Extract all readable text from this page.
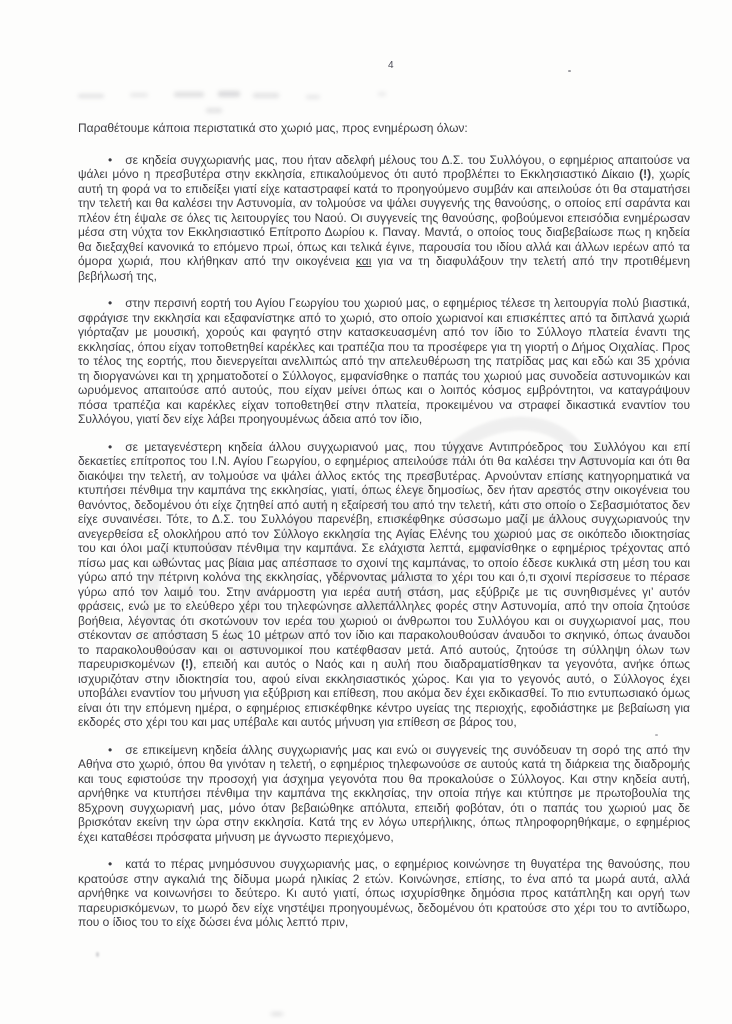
4

Παραθέτουμε κάποια περιστατικά στο χωριό μας, προς ενημέρωση όλων:

• σε κηδεία συγχωριανής μας, που ήταν αδελφή μέλους του Δ.Σ. του Συλλόγου, ο εφημέριος απαιτούσε να ψάλει μόνο η πρεσβυτέρα στην εκκλησία, επικαλούμενος ότι αυτό προβλέπει το Εκκλησιαστικό Δίκαιο (!), χωρίς αυτή τη φορά να το επιδείξει γιατί είχε καταστραφεί κατά το προηγούμενο συμβάν και απειλούσε ότι θα σταματήσει την τελετή και θα καλέσει την Αστυνομία, αν τολμούσε να ψάλει συγγενής της θανούσης, ο οποίος επί σαράντα και πλέον έτη έψαλε σε όλες τις λειτουργίες του Ναού. Οι συγγενείς της θανούσης, φοβούμενοι επεισόδια ενημέρωσαν μέσα στη νύχτα τον Εκκλησιαστικό Επίτροπο Δωρίου κ. Παναγ. Μαντά, ο οποίος τους διαβεβαίωσε πως η κηδεία θα διεξαχθεί κανονικά το επόμενο πρωί, όπως και τελικά έγινε, παρουσία του ιδίου αλλά και άλλων ιερέων από τα όμορα χωριά, που κλήθηκαν από την οικογένεια και για να τη διαφυλάξουν την τελετή από την προτιθέμενη βεβήλωσή της,

• στην περσινή εορτή του Αγίου Γεωργίου του χωριού μας, ο εφημέριος τέλεσε τη λειτουργία πολύ βιαστικά, σφράγισε την εκκλησία και εξαφανίστηκε από το χωριό, στο οποίο χωριανοί και επισκέπτες από τα διπλανά χωριά γιόρταζαν με μουσική, χορούς και φαγητό στην κατασκευασμένη από τον ίδιο το Σύλλογο πλατεία έναντι της εκκλησίας, όπου είχαν τοποθετηθεί καρέκλες και τραπέζια που τα προσέφερε για τη γιορτή ο Δήμος Οιχαλίας. Προς το τέλος της εορτής, που διενεργείται ανελλιπώς από την απελευθέρωση της πατρίδας μας και εδώ και 35 χρόνια τη διοργανώνει και τη χρηματοδοτεί ο Σύλλογος, εμφανίσθηκε ο παπάς του χωριού μας συνοδεία αστυνομικών και ωρυόμενος απαιτούσε από αυτούς, που είχαν μείνει όπως και ο λοιπός κόσμος εμβρόντητοι, να καταγράψουν πόσα τραπέζια και καρέκλες είχαν τοποθετηθεί στην πλατεία, προκειμένου να στραφεί δικαστικά εναντίον του Συλλόγου, γιατί δεν είχε λάβει προηγουμένως άδεια από τον ίδιο,

• σε μεταγενέστερη κηδεία άλλου συγχωριανού μας, που τύγχανε Αντιπρόεδρος του Συλλόγου και επί δεκαετίες επίτροπος του Ι.Ν. Αγίου Γεωργίου, ο εφημέριος απειλούσε πάλι ότι θα καλέσει την Αστυνομία και ότι θα διακόψει την τελετή, αν τολμούσε να ψάλει άλλος εκτός της πρεσβυτέρας. Αρνούνταν επίσης κατηγορηματικά να κτυπήσει πένθιμα την καμπάνα της εκκλησίας, γιατί, όπως έλεγε δημοσίως, δεν ήταν αρεστός στην οικογένεια του θανόντος, δεδομένου ότι είχε ζητηθεί από αυτή η εξαίρεσή του από την τελετή, κάτι στο οποίο ο Σεβασμιότατος δεν είχε συναινέσει. Τότε, το Δ.Σ. του Συλλόγου παρενέβη, επισκέφθηκε σύσσωμο μαζί με άλλους συγχωριανούς την ανεγερθείσα εξ ολοκλήρου από τον Σύλλογο εκκλησία της Αγίας Ελένης του χωριού μας σε οικόπεδο ιδιοκτησίας του και όλοι μαζί κτυπούσαν πένθιμα την καμπάνα. Σε ελάχιστα λεπτά, εμφανίσθηκε ο εφημέριος τρέχοντας από πίσω μας και ωθώντας μας βίαια μας απέσπασε το σχοινί της καμπάνας, το οποίο έδεσε κυκλικά στη μέση του και γύρω από την πέτρινη κολόνα της εκκλησίας, γδέρνοντας μάλιστα το χέρι του και ό,τι σχοινί περίσσευε το πέρασε γύρω από τον λαιμό του. Στην ανάρμοστη για ιερέα αυτή στάση, μας εξύβριζε με τις συνηθισμένες γι’ αυτόν φράσεις, ενώ με το ελεύθερο χέρι του τηλεφώνησε αλλεπάλληλες φορές στην Αστυνομία, από την οποία ζητούσε βοήθεια, λέγοντας ότι σκοτώνουν τον ιερέα του χωριού οι άνθρωποι του Συλλόγου και οι συγχωριανοί μας, που στέκονταν σε απόσταση 5 έως 10 μέτρων από τον ίδιο και παρακολουθούσαν άναυδοι το σκηνικό, όπως άναυδοι το παρακολουθούσαν και οι αστυνομικοί που κατέφθασαν μετά. Από αυτούς, ζητούσε τη σύλληψη όλων των παρευρισκομένων (!), επειδή και αυτός ο Ναός και η αυλή που διαδραματίσθηκαν τα γεγονότα, ανήκε όπως ισχυριζόταν στην ιδιοκτησία του, αφού είναι εκκλησιαστικός χώρος. Και για το γεγονός αυτό, ο Σύλλογος έχει υποβάλει εναντίον του μήνυση για εξύβριση και επίθεση, που ακόμα δεν έχει εκδικασθεί. Το πιο εντυπωσιακό όμως είναι ότι την επόμενη ημέρα, ο εφημέριος επισκέφθηκε κέντρο υγείας της περιοχής, εφοδιάστηκε με βεβαίωση για εκδορές στο χέρι του και μας υπέβαλε και αυτός μήνυση για επίθεση σε βάρος του,

• σε επικείμενη κηδεία άλλης συγχωριανής μας και ενώ οι συγγενείς της συνόδευαν τη σορό της από την Αθήνα στο χωριό, όπου θα γινόταν η τελετή, ο εφημέριος τηλεφωνούσε σε αυτούς κατά τη διάρκεια της διαδρομής και τους εφιστούσε την προσοχή για άσχημα γεγονότα που θα προκαλούσε ο Σύλλογος. Και στην κηδεία αυτή, αρνήθηκε να κτυπήσει πένθιμα την καμπάνα της εκκλησίας, την οποία πήγε και κτύπησε με πρωτοβουλία της 85χρονη συγχωριανή μας, μόνο όταν βεβαιώθηκε απόλυτα, επειδή φοβόταν, ότι ο παπάς του χωριού μας δε βρισκόταν εκείνη την ώρα στην εκκλησία. Κατά της εν λόγω υπερήλικης, όπως πληροφορηθήκαμε, ο εφημέριος έχει καταθέσει πρόσφατα μήνυση με άγνωστο περιεχόμενο,

• κατά το πέρας μνημόσυνου συγχωριανής μας, ο εφημέριος κοινώνησε τη θυγατέρα της θανούσης, που κρατούσε στην αγκαλιά της δίδυμα μωρά ηλικίας 2 ετών. Κοινώνησε, επίσης, το ένα από τα μωρά αυτά, αλλά αρνήθηκε να κοινωνήσει το δεύτερο. Κι αυτό γιατί, όπως ισχυρίσθηκε δημόσια προς κατάπληξη και οργή των παρευρισκόμενων, το μωρό δεν είχε νηστέψει προηγουμένως, δεδομένου ότι κρατούσε στο χέρι του το αντίδωρο, που ο ίδιος του το είχε δώσει ένα μόλις λεπτό πριν,
